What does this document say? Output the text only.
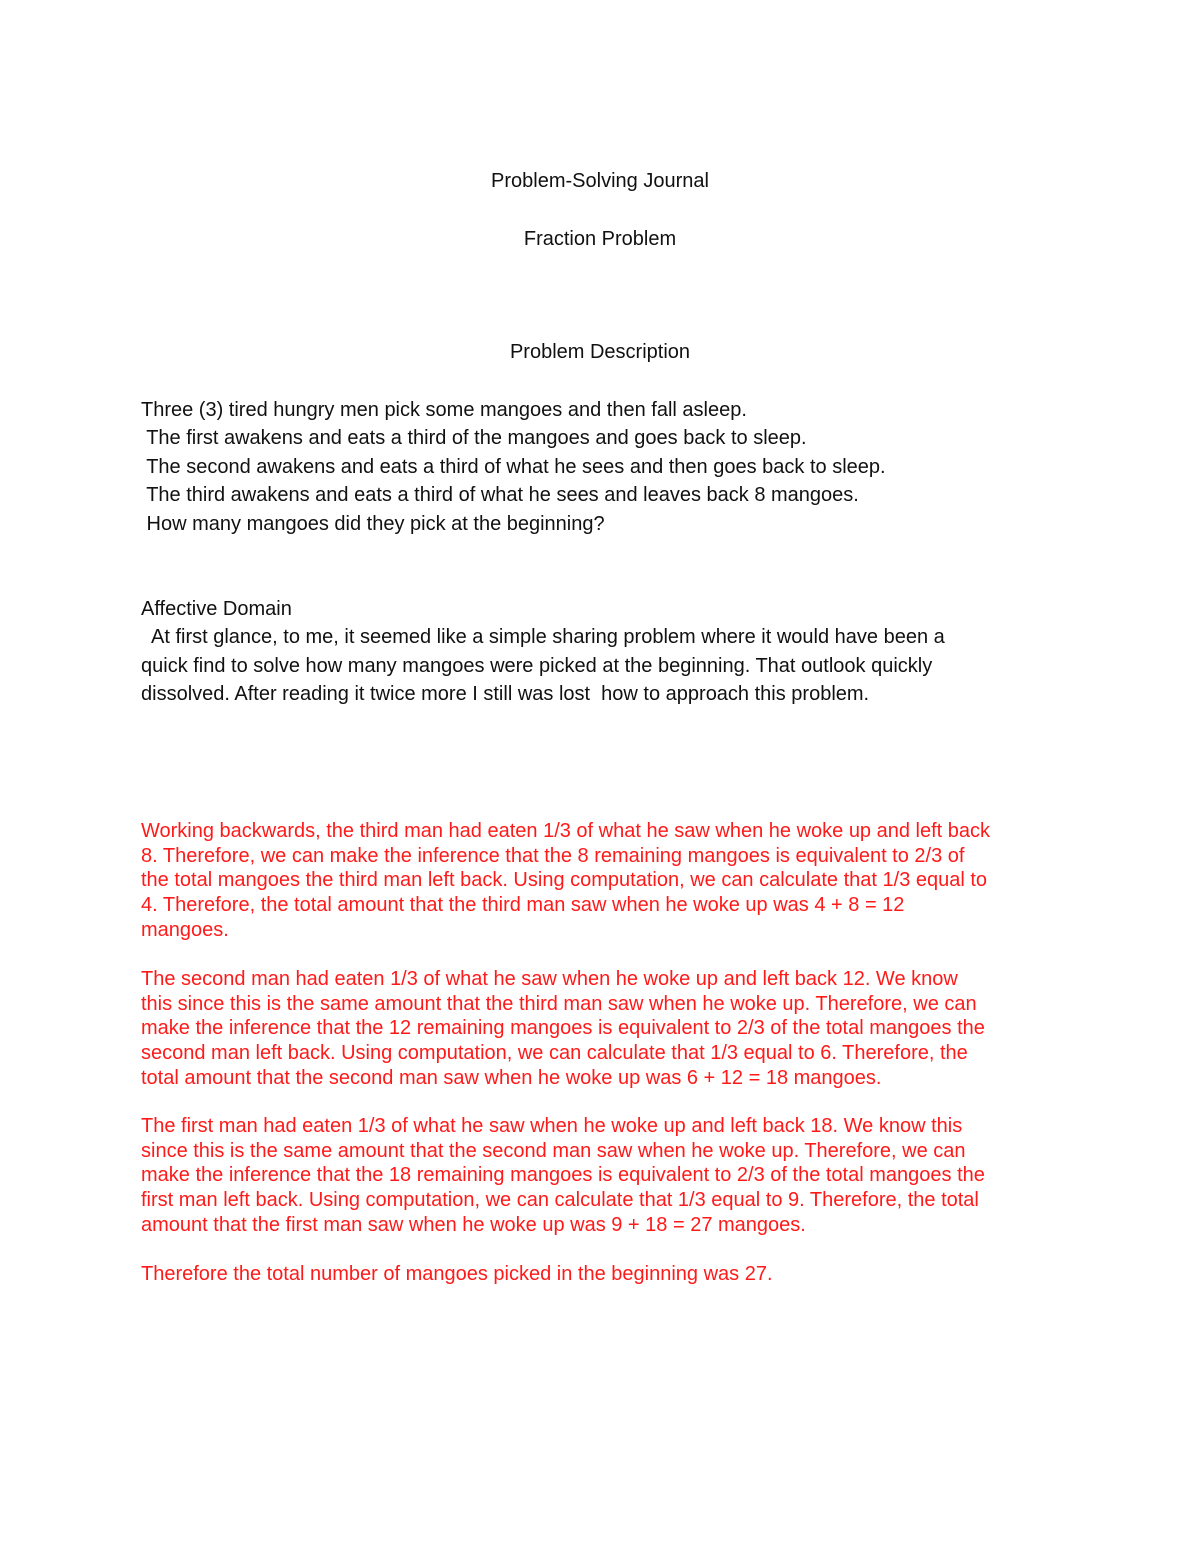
Problem-Solving Journal
Fraction Problem
Problem Description
Three (3) tired hungry men pick some mangoes and then fall asleep.
The first awakens and eats a third of the mangoes and goes back to sleep.
The second awakens and eats a third of what he sees and then goes back to sleep.
The third awakens and eats a third of what he sees and leaves back 8 mangoes.
How many mangoes did they pick at the beginning?
Affective Domain
At first glance, to me, it seemed like a simple sharing problem where it would have been a
quick find to solve how many mangoes were picked at the beginning. That outlook quickly
dissolved. After reading it twice more I still was lost  how to approach this problem.
Working backwards, the third man had eaten 1/3 of what he saw when he woke up and left back
8. Therefore, we can make the inference that the 8 remaining mangoes is equivalent to 2/3 of
the total mangoes the third man left back. Using computation, we can calculate that 1/3 equal to
4. Therefore, the total amount that the third man saw when he woke up was 4 + 8 = 12
mangoes.
The second man had eaten 1/3 of what he saw when he woke up and left back 12. We know
this since this is the same amount that the third man saw when he woke up. Therefore, we can
make the inference that the 12 remaining mangoes is equivalent to 2/3 of the total mangoes the
second man left back. Using computation, we can calculate that 1/3 equal to 6. Therefore, the
total amount that the second man saw when he woke up was 6 + 12 = 18 mangoes.
The first man had eaten 1/3 of what he saw when he woke up and left back 18. We know this
since this is the same amount that the second man saw when he woke up. Therefore, we can
make the inference that the 18 remaining mangoes is equivalent to 2/3 of the total mangoes the
first man left back. Using computation, we can calculate that 1/3 equal to 9. Therefore, the total
amount that the first man saw when he woke up was 9 + 18 = 27 mangoes.
Therefore the total number of mangoes picked in the beginning was 27.
